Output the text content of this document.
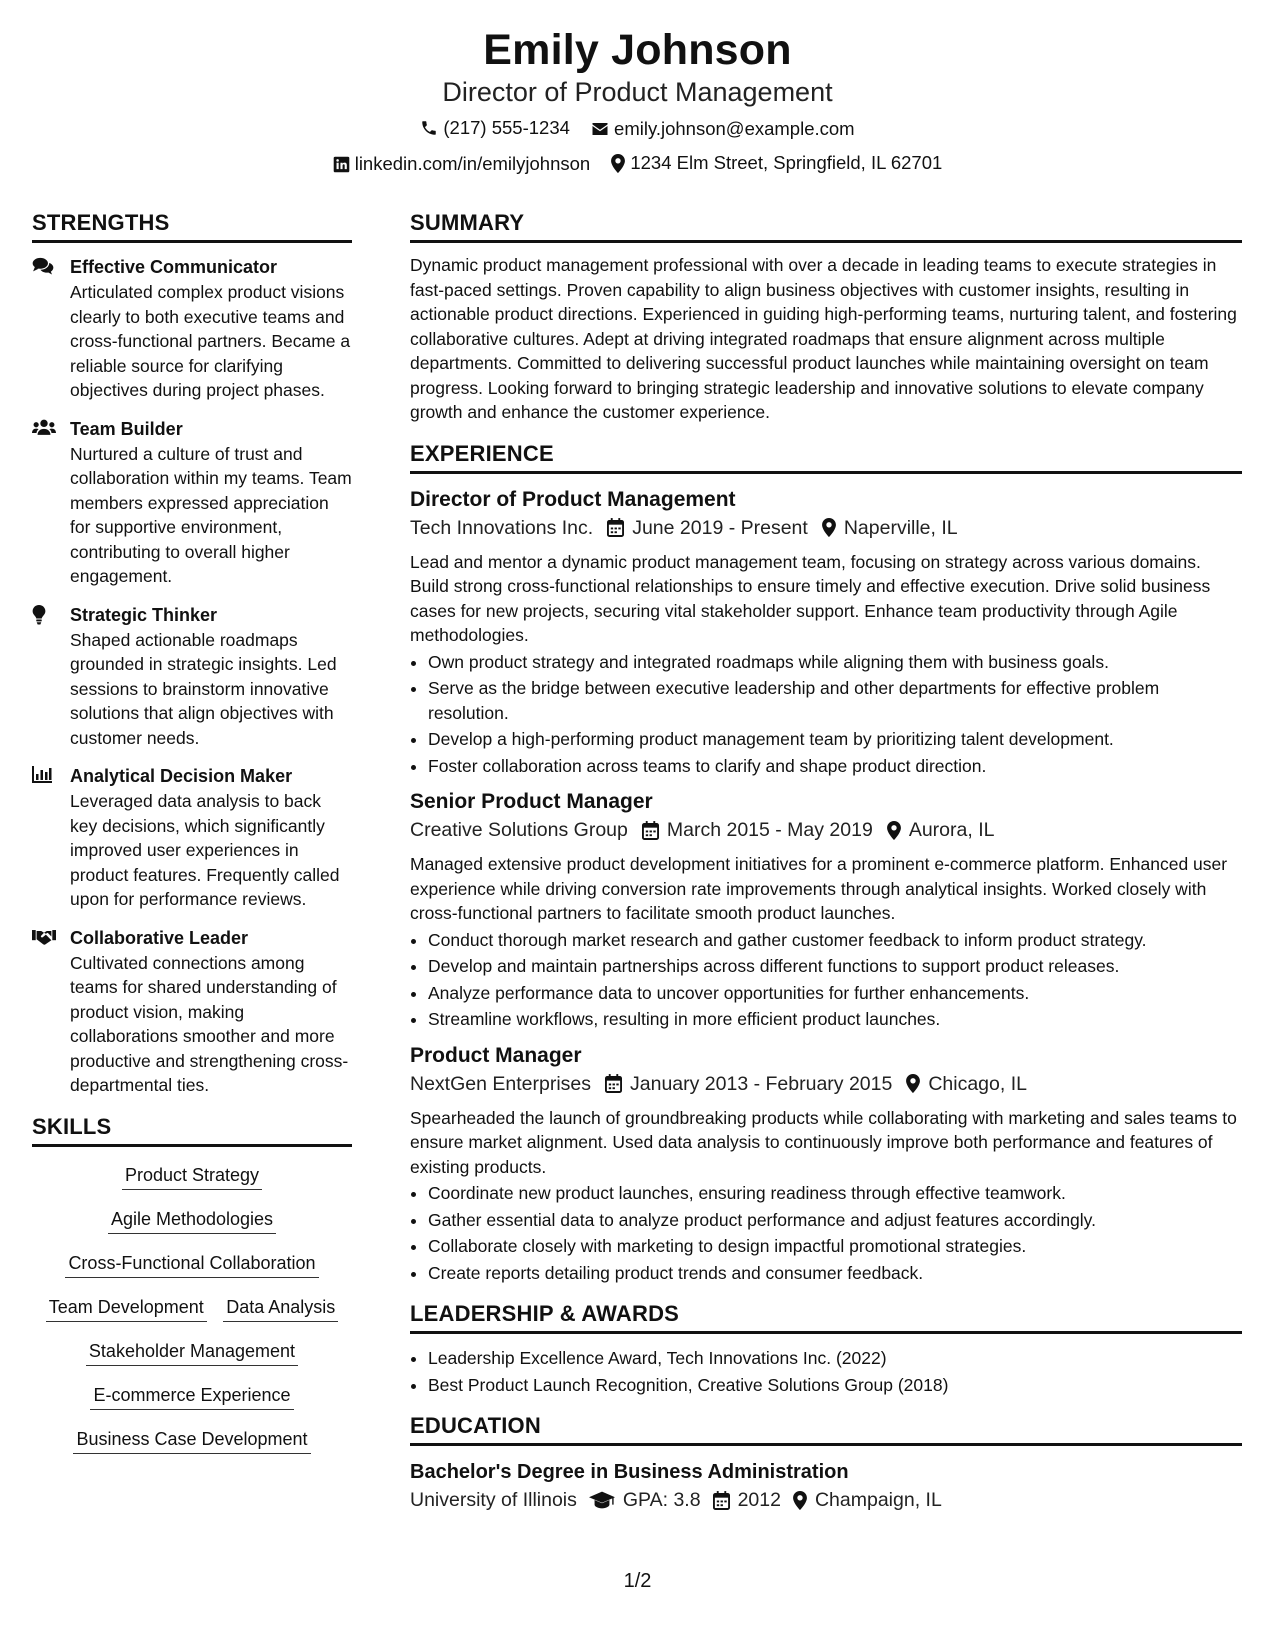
Emily Johnson
Director of Product Management
(217) 555-1234
emily.johnson@example.com
linkedin.com/in/emilyjohnson
1234 Elm Street, Springfield, IL 62701
STRENGTHS
Effective Communicator
Articulated complex product visions clearly to both executive teams and cross-functional partners. Became a reliable source for clarifying objectives during project phases.
Team Builder
Nurtured a culture of trust and collaboration within my teams. Team members expressed appreciation for supportive environment, contributing to overall higher engagement.
Strategic Thinker
Shaped actionable roadmaps grounded in strategic insights. Led sessions to brainstorm innovative solutions that align objectives with customer needs.
Analytical Decision Maker
Leveraged data analysis to back key decisions, which significantly improved user experiences in product features. Frequently called upon for performance reviews.
Collaborative Leader
Cultivated connections among teams for shared understanding of product vision, making collaborations smoother and more productive and strengthening cross-departmental ties.
SKILLS
Product Strategy
Agile Methodologies
Cross-Functional Collaboration
Team Development Data Analysis
Stakeholder Management
E-commerce Experience
Business Case Development
SUMMARY
Dynamic product management professional with over a decade in leading teams to execute strategies in fast-paced settings. Proven capability to align business objectives with customer insights, resulting in actionable product directions. Experienced in guiding high-performing teams, nurturing talent, and fostering collaborative cultures. Adept at driving integrated roadmaps that ensure alignment across multiple departments. Committed to delivering successful product launches while maintaining oversight on team progress. Looking forward to bringing strategic leadership and innovative solutions to elevate company growth and enhance the customer experience.
EXPERIENCE
Director of Product Management
Tech Innovations Inc. June 2019 - Present Naperville, IL
Lead and mentor a dynamic product management team, focusing on strategy across various domains. Build strong cross-functional relationships to ensure timely and effective execution. Drive solid business cases for new projects, securing vital stakeholder support. Enhance team productivity through Agile methodologies.
• Own product strategy and integrated roadmaps while aligning them with business goals.
• Serve as the bridge between executive leadership and other departments for effective problem resolution.
• Develop a high-performing product management team by prioritizing talent development.
• Foster collaboration across teams to clarify and shape product direction.
Senior Product Manager
Creative Solutions Group March 2015 - May 2019 Aurora, IL
Managed extensive product development initiatives for a prominent e-commerce platform. Enhanced user experience while driving conversion rate improvements through analytical insights. Worked closely with cross-functional partners to facilitate smooth product launches.
• Conduct thorough market research and gather customer feedback to inform product strategy.
• Develop and maintain partnerships across different functions to support product releases.
• Analyze performance data to uncover opportunities for further enhancements.
• Streamline workflows, resulting in more efficient product launches.
Product Manager
NextGen Enterprises January 2013 - February 2015 Chicago, IL
Spearheaded the launch of groundbreaking products while collaborating with marketing and sales teams to ensure market alignment. Used data analysis to continuously improve both performance and features of existing products.
• Coordinate new product launches, ensuring readiness through effective teamwork.
• Gather essential data to analyze product performance and adjust features accordingly.
• Collaborate closely with marketing to design impactful promotional strategies.
• Create reports detailing product trends and consumer feedback.
LEADERSHIP & AWARDS
• Leadership Excellence Award, Tech Innovations Inc. (2022)
• Best Product Launch Recognition, Creative Solutions Group (2018)
EDUCATION
Bachelor's Degree in Business Administration
University of Illinois GPA: 3.8 2012 Champaign, IL
1/2
